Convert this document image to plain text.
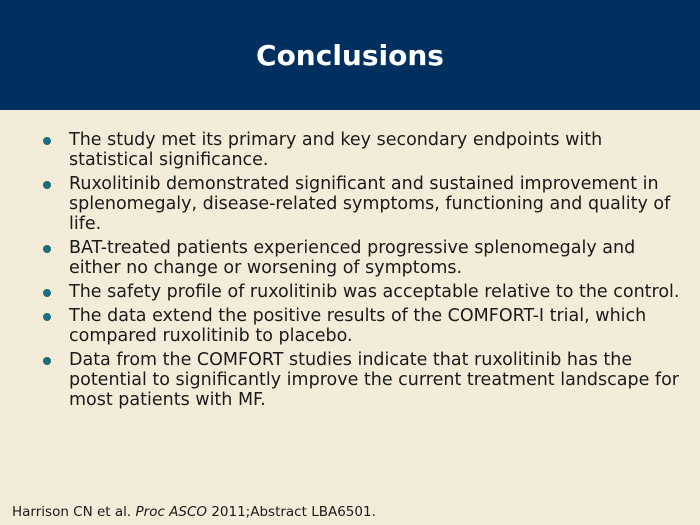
Conclusions
The study met its primary and key secondary endpoints with statistical significance.
Ruxolitinib demonstrated significant and sustained improvement in splenomegaly, disease-related symptoms, functioning and quality of life.
BAT-treated patients experienced progressive splenomegaly and either no change or worsening of symptoms.
The safety profile of ruxolitinib was acceptable relative to the control.
The data extend the positive results of the COMFORT-I trial, which compared ruxolitinib to placebo.
Data from the COMFORT studies indicate that ruxolitinib has the potential to significantly improve the current treatment landscape for most patients with MF.

Harrison CN et al. Proc ASCO 2011;Abstract LBA6501.
